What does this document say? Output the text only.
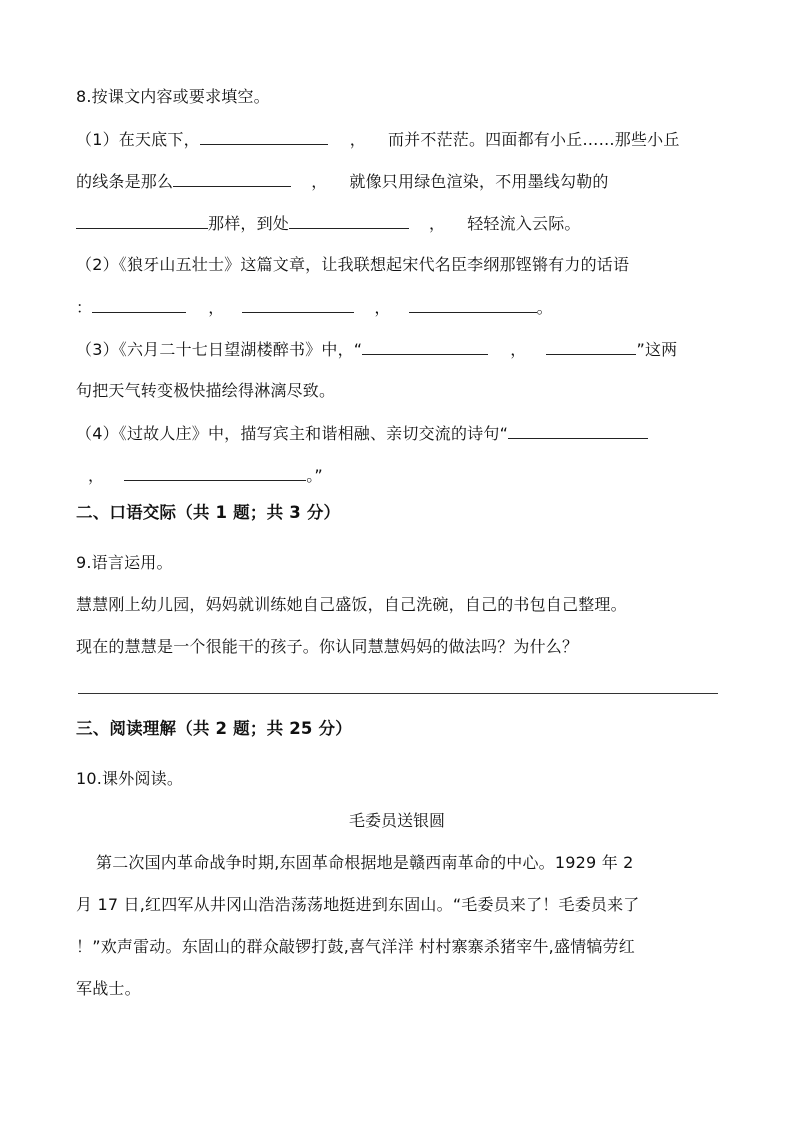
8.按课文内容或要求填空。
（1）在天底下，	， 而并不茫茫。四面都有小丘……那些小丘
的线条是那么	， 就像只用绿色渲染，不用墨线勾勒的
那样，到处	， 轻轻流入云际。
（2）《狼牙山五壮士》这篇文章，让我联想起宋代名臣李纲那铿锵有力的话语
：	，	，	。
（3）《六月二十七日望湖楼醉书》中，“	，	”这两
句把天气转变极快描绘得淋漓尽致。
（4）《过故人庄》中，描写宾主和谐相融、亲切交流的诗句“
，	。”
二、口语交际（共 1 题；共 3 分）
9.语言运用。
慧慧刚上幼儿园，妈妈就训练她自己盛饭，自己洗碗，自己的书包自己整理。
现在的慧慧是一个很能干的孩子。你认同慧慧妈妈的做法吗？为什么？
三、阅读理解（共 2 题；共 25 分）
10.课外阅读。
毛委员送银圆
第二次国内革命战争时期,东固革命根据地是赣西南革命的中心。1929 年 2
月 17 日,红四军从井冈山浩浩荡荡地挺进到东固山。“毛委员来了！毛委员来了
！”欢声雷动。东固山的群众敲锣打鼓,喜气洋洋 村村寨寨杀猪宰牛,盛情犒劳红
军战士。
